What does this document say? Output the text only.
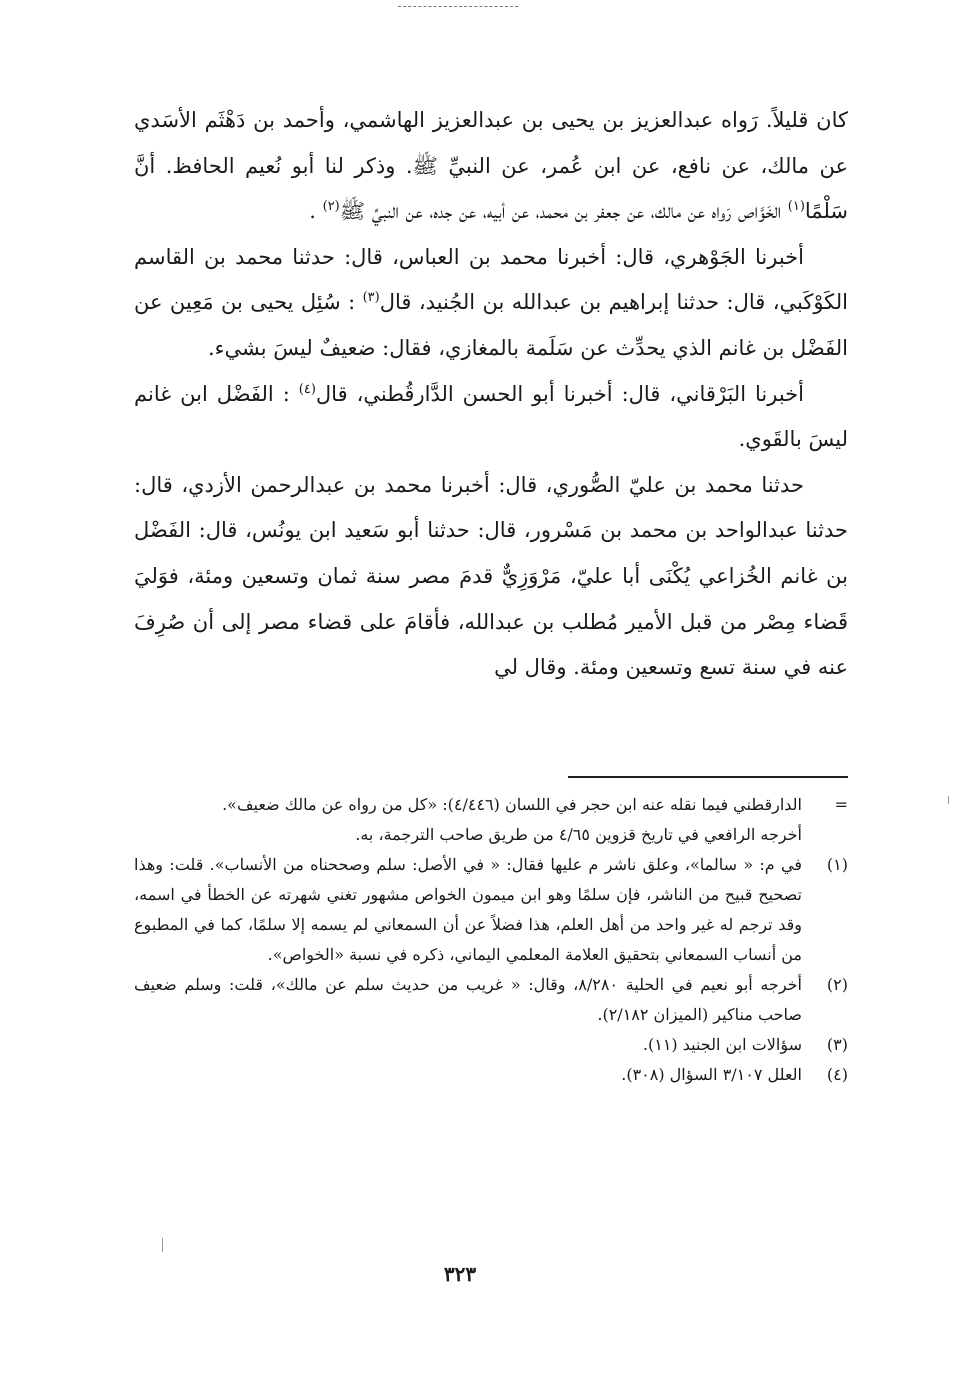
كان قليلاً. رَواه عبدالعزيز بن يحيى بن عبدالعزيز الهاشمي، وأحمد بن دَهْثَم الأسَدي عن مالك، عن نافع، عن ابن عُمر، عن النبيِّ ﷺ. وذكر لنا أبو نُعيم الحافظ. أنَّ سَلْمًا$^{(١)}$ الخَوَّاص رَواه عن مالك، عن جعفر بن محمد، عن أبيه، عن جده، عن النبيِّ ﷺ$^{(٢)}$ .

أخبرنا الجَوْهري، قال: أخبرنا محمد بن العباس، قال: حدثنا محمد بن القاسم الكَوْكَبي، قال: حدثنا إبراهيم بن عبدالله بن الجُنيد، قال$^{(٣)}$ : سُئِل يحيى بن مَعِين عن الفَضْل بن غانم الذي يحدِّث عن سَلَمة بالمغازي، فقال: ضعيفٌ ليسَ بشيء.

أخبرنا البَرْقاني، قال: أخبرنا أبو الحسن الدَّارقُطني، قال$^{(٤)}$ : الفَضْل ابن غانم ليسَ بالقَوي.

حدثنا محمد بن عليّ الصُّوري، قال: أخبرنا محمد بن عبدالرحمن الأزدي، قال: حدثنا عبدالواحد بن محمد بن مَسْرور، قال: حدثنا أبو سَعيد ابن يونُس، قال: الفَضْل بن غانم الخُزاعي يُكْنَى أبا عليّ، مَرْوَزِيٌّ قدمَ مصر سنة ثمان وتسعين ومئة، فوَليَ قَضاء مِصْر من قبل الأمير مُطلب بن عبدالله، فأقامَ على قضاء مصر إلى أن صُرِفَ عنه في سنة تسع وتسعين ومئة. وقال لي

=
الدارقطني فيما نقله عنه ابن حجر في اللسان (٤/٤٤٦): «كل من رواه عن مالك ضعيف».
أخرجه الرافعي في تاريخ قزوين ٤/٦٥ من طريق صاحب الترجمة، به.
(١)
في م: « سالما»، وعلق ناشر م عليها فقال: « في الأصل: سلم وصححناه من الأنساب». قلت: وهذا تصحيح قبيح من الناشر، فإن سلمًا وهو ابن ميمون الخواص مشهور تغني شهرته عن الخطأ في اسمه، وقد ترجم له غير واحد من أهل العلم، هذا فضلاً عن أن السمعاني لم يسمه إلا سلمًا، كما في المطبوع من أنساب السمعاني بتحقيق العلامة المعلمي اليماني، ذكره في نسبة «الخواص».
(٢)
أخرجه أبو نعيم في الحلية ٨/٢٨٠، وقال: « غريب من حديث سلم عن مالك»، قلت: وسلم ضعيف صاحب مناكير (الميزان ٢/١٨٢).
(٣)
سؤالات ابن الجنيد (١١).
(٤)
العلل ٣/١٠٧ السؤال (٣٠٨).
٣٢٣
